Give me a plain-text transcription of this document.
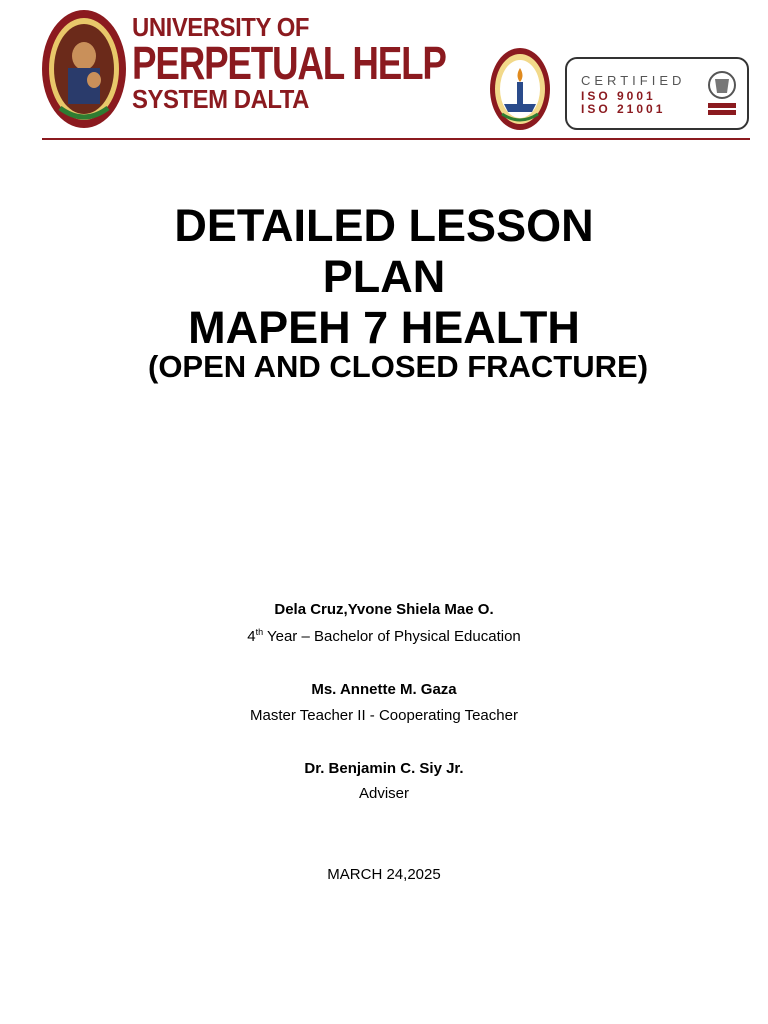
UNIVERSITY OF
PERPETUAL HELP
SYSTEM DALTA
CERTIFIED
ISO 9001
ISO 21001
DETAILED LESSON
PLAN
MAPEH 7 HEALTH
(OPEN AND CLOSED FRACTURE)
Dela Cruz,Yvone Shiela Mae O.
4th Year – Bachelor of Physical Education
Ms. Annette M. Gaza
Master Teacher II - Cooperating Teacher
Dr. Benjamin C. Siy Jr.
Adviser
MARCH 24,2025
